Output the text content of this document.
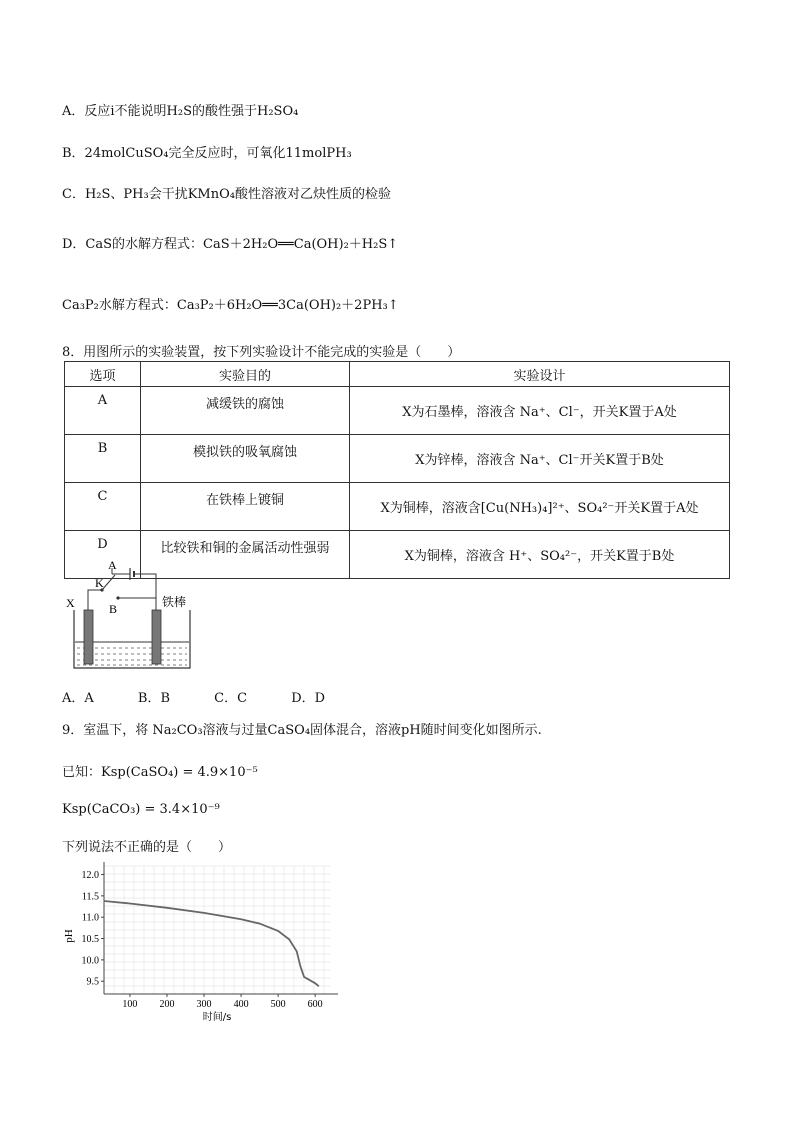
A．反应i不能说明H₂S的酸性强于H₂SO₄
B．24molCuSO₄完全反应时，可氧化11molPH₃
C．H₂S、PH₃会干扰KMnO₄酸性溶液对乙炔性质的检验
D．CaS的水解方程式：CaS＋2H₂O══Ca(OH)₂＋H₂S↑
Ca₃P₂水解方程式：Ca₃P₂＋6H₂O══3Ca(OH)₂＋2PH₃↑
8．用图所示的实验装置，按下列实验设计不能完成的实验是（　　）
选项	实验目的	实验设计
A	减缓铁的腐蚀	X为石墨棒，溶液含 Na⁺、Cl⁻，开关K置于A处
B	模拟铁的吸氧腐蚀	X为锌棒，溶液含 Na⁺、Cl⁻开关K置于B处
C	在铁棒上镀铜	X为铜棒，溶液含[Cu(NH₃)₄]²⁺、SO₄²⁻开关K置于A处
D	比较铁和铜的金属活动性强弱	X为铜棒，溶液含 H⁺、SO₄²⁻，开关K置于B处
A
K
B
X	铁棒
A．A	B．B	C．C	D．D
9．室温下，将 Na₂CO₃溶液与过量CaSO₄固体混合，溶液pH随时间变化如图所示.
已知：Ksp(CaSO₄) = 4.9×10⁻⁵
Ksp(CaCO₃) = 3.4×10⁻⁹
下列说法不正确的是（　　）
100 200 300 400 500 600
9.5
10.0
10.5
11.0
11.5
12.0
pH
时间/s
